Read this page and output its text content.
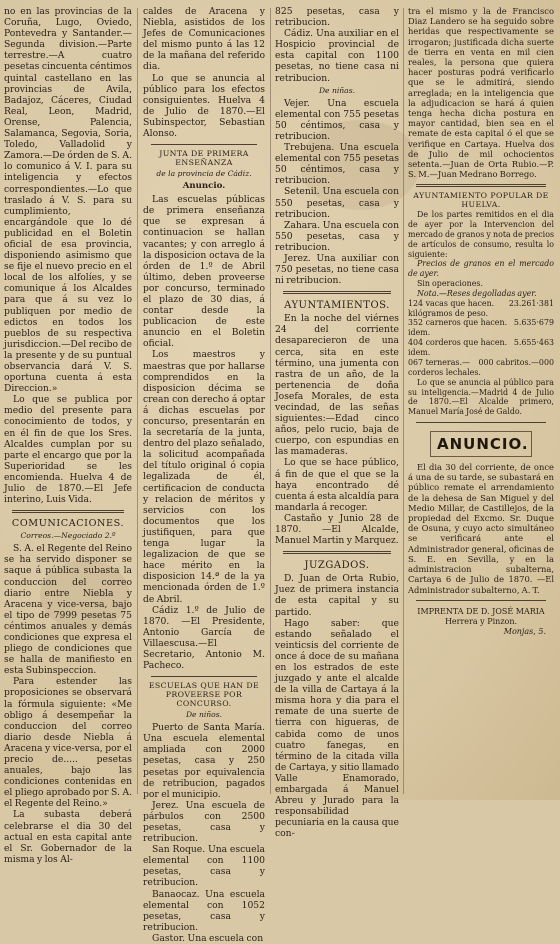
no en las provincias de la Coruña, Lugo, Oviedo, Pontevedra y Santander.—Segunda division.—Parte terrestre.—A cuatro pesetas cincuenta céntimos quintal castellano en las provincias de Avila, Badajoz, Cáceres, Ciudad Real, Leon, Madrid, Orense, Palencia, Salamanca, Segovia, Soria, Toledo, Valladolid y Zamora.—De órden de S. A. lo comunico á V. I. para su inteligencia y efectos correspondientes.—Lo que traslado á V. S. para su cumplimiento, encargándole que lo dé publicidad en el Boletin oficial de esa provincia, disponiendo asimismo que se fije el nuevo precio en el local de los alfolíes, y se comunique á los Alcaldes para que á su vez lo publiquen por medio de edictos en todos los pueblos de su respectiva jurisdiccion.—Del recibo de la presente y de su puntual observancia dará V. S. oportuna cuenta á esta Direccion.»

Lo que se publica por medio del presente para conocimiento de todos, y en él fin de que los Sres. Alcaldes cumplan por su parte el encargo que por la Superioridad se les encomienda. Huelva 4 de Julio de 1870.—El Jefe interino, Luis Vida.

COMUNICACIONES.
Correos.—Negociado 2.º

S. A. el Regente del Reino se ha servido disponer se saque á pública subasta la conduccion del correo diario entre Niebla y Aracena y vice-versa, bajo el tipo de 7999 pesetas 75 céntimos anuales y demás condiciones que expresa el pliego de condiciones que se halla de manifiesto en esta Subinspeccion.

Para estender las proposiciones se observará la fórmula siguiente: «Me obligo á desempeñar la conduccion del correo diario desde Niebla á Aracena y vice-versa, por el precio de..... pesetas anuales, bajo las condiciones contenidas en el pliego aprobado por S. A. el Regente del Reino.»

La subasta deberá celebrarse el dia 30 del actual en esta capital ante el Sr. Gobernador de la misma y los Al-

caldes de Aracena y Niebla, asistidos de los Jefes de Comunicaciones del mismo punto á las 12 de la mañana del referido dia.

Lo que se anuncia al público para los efectos consiguientes. Huelva 4 de Julio de 1870.—El Subinspector, Sebastian Alonso.

JUNTA DE PRIMERA ENSEÑANZA
de la provincia de Cádiz.
Anuncio.

Las escuelas públicas de primera enseñanza que se expresan á continuacion se hallan vacantes; y con arreglo á la disposicion octava de la órden de 1.º de Abril último, deben proveerse por concurso, terminado el plazo de 30 dias, á contar desde la publicacion de este anuncio en el Boletin oficial.

Los maestros y maestras que por hallarse comprendidos en la disposicion décima se crean con derecho á optar á dichas escuelas por concurso, presentarán en la secretaría de la junta, dentro del plazo señalado, la solicitud acompañada del título original ó copia legalizada de él, certificacion de conducta y relacion de méritos y servicios con los documentos que los justifiquen, para que tenga lugar la legalizacion de que se hace mérito en la disposicion 14.ª de la ya mencionada órden de 1.º de Abril.

Cádiz 1.º de Julio de 1870. —El Presidente, Antonio García de Villaescusa.—El Secretario, Antonio M. Pacheco.

ESCUELAS QUE HAN DE PROVEERSE POR CONCURSO.
De niños.

Puerto de Santa María. Una escuela elemental ampliada con 2000 pesetas, casa y 250 pesetas por equivalencia de retribucion, pagados por el municipio.

Jerez. Una escuela de párbulos con 2500 pesetas, casa y retribucion.

San Roque. Una escuela elemental con 1100 pesetas, casa y retribucion.

Banaocaz. Una escuela elemental con 1052 pesetas, casa y retribucion.

Gastor. Una escuela con

825 pesetas, casa y retribucion.

Cádiz. Una auxiliar en el Hospicio provincial de esta capital con 1100 pesetas, no tiene casa ni retribucion.

De niñas.

Vejer. Una escuela elemental con 755 pesetas 50 céntimos, casa y retribucion.

Trebujena. Una escuela elemental con 755 pesetas 50 céntimos, casa y retribucion.

Setenil. Una escuela con 550 pesetas, casa y retribucion.

Zahara. Una escuela con 550 pesetas, casa y retribucion.

Jerez. Una auxiliar con 750 pesetas, no tiene casa ni retribucion.

AYUNTAMIENTOS.

En la noche del viérnes 24 del corriente desaparecieron de una cerca, sita en este término, una jumenta con rastra de un año, de la pertenencia de doña Josefa Morales, de esta vecindad, de las señas siguientes:—Edad cinco años, pelo rucio, baja de cuerpo, con espundias en las mamaderas.

Lo que se hace público, á fin de que el que se la haya encontrado dé cuenta á esta alcaldía para mandarla á recoger.

Castaño y Junio 28 de 1870. —El Alcalde, Manuel Martin y Marquez.

JUZGADOS.

D. Juan de Orta Rubio, Juez de primera instancia de esta capital y su partido.

Hago saber: que estando señalado el veinticsis del corriente de once á doce de su mañana en los estrados de este juzgado y ante el alcalde de la villa de Cartaya á la misma hora y dia para el remate de una suerte de tierra con higueras, de cabida como de unos cuatro fanegas, en término de la citada villa de Cartaya, y sitio llamado Valle Enamorado, embargada á Manuel Abreu y Jurado para la responsabilidad pecuniaria en la causa que con-

tra el mismo y la de Francisco Diaz Landero se ha seguido sobre heridas que respectivamente se irrogaron; justificada dicha suerte de tierra en venta en mil cien reales, la persona que quiera hacer posturas podrá verificarlo que se le admitirá, siendo arreglada; en la inteligencia que la adjudicacion se hará á quien tenga hecha dicha postura en mayor cantidad, bien sea en el remate de esta capital ó el que se verifique en Cartaya. Huelva dos de Julio de mil ochocientos setenta.—Juan de Orta Rubio.—P. S. M.—Juan Medrano Borrego.

AYUNTAMIENTO POPULAR DE HUELVA.

De los partes remitidos en el dia de ayer por la Intervencion del mercado de granos y nota de precios de artículos de consumo, resulta lo siguiente:

Precios de granos en el mercado de ayer.

Sin operaciones.

Nota.—Reses degolladas ayer.

124 vacas que hacen. 23.261·381
kilógramos de peso.
352 carneros que hacen. 5.635·679
idem.
404 corderos que hacen. 5.655·463
idem.
067 terneras.— 000 cabritos.—000
corderos lechales.

Lo que se anuncia al público para su inteligencia.—Madrid 4 de Julio de 1870.—El Alcalde primero, Manuel María José de Galdo.

ANUNCIO.

El dia 30 del corriente, de once á una de su tarde, se subastará en público remate el arrendamiento de la dehesa de San Miguel y del Medio Millar, de Castillejos, de la propiedad del Excmo. Sr. Duque de Osuna, y cuyo acto simultáneo se verificará ante el Administrador general, oficinas de S. E. en Sevilla, y en la administracion subalterna, Cartaya 6 de Julio de 1870. —El Administrador subalterno, A. T.

IMPRENTA DE D. JOSÉ MARIA Herrera y Pinzon.
Monjas, 5.
